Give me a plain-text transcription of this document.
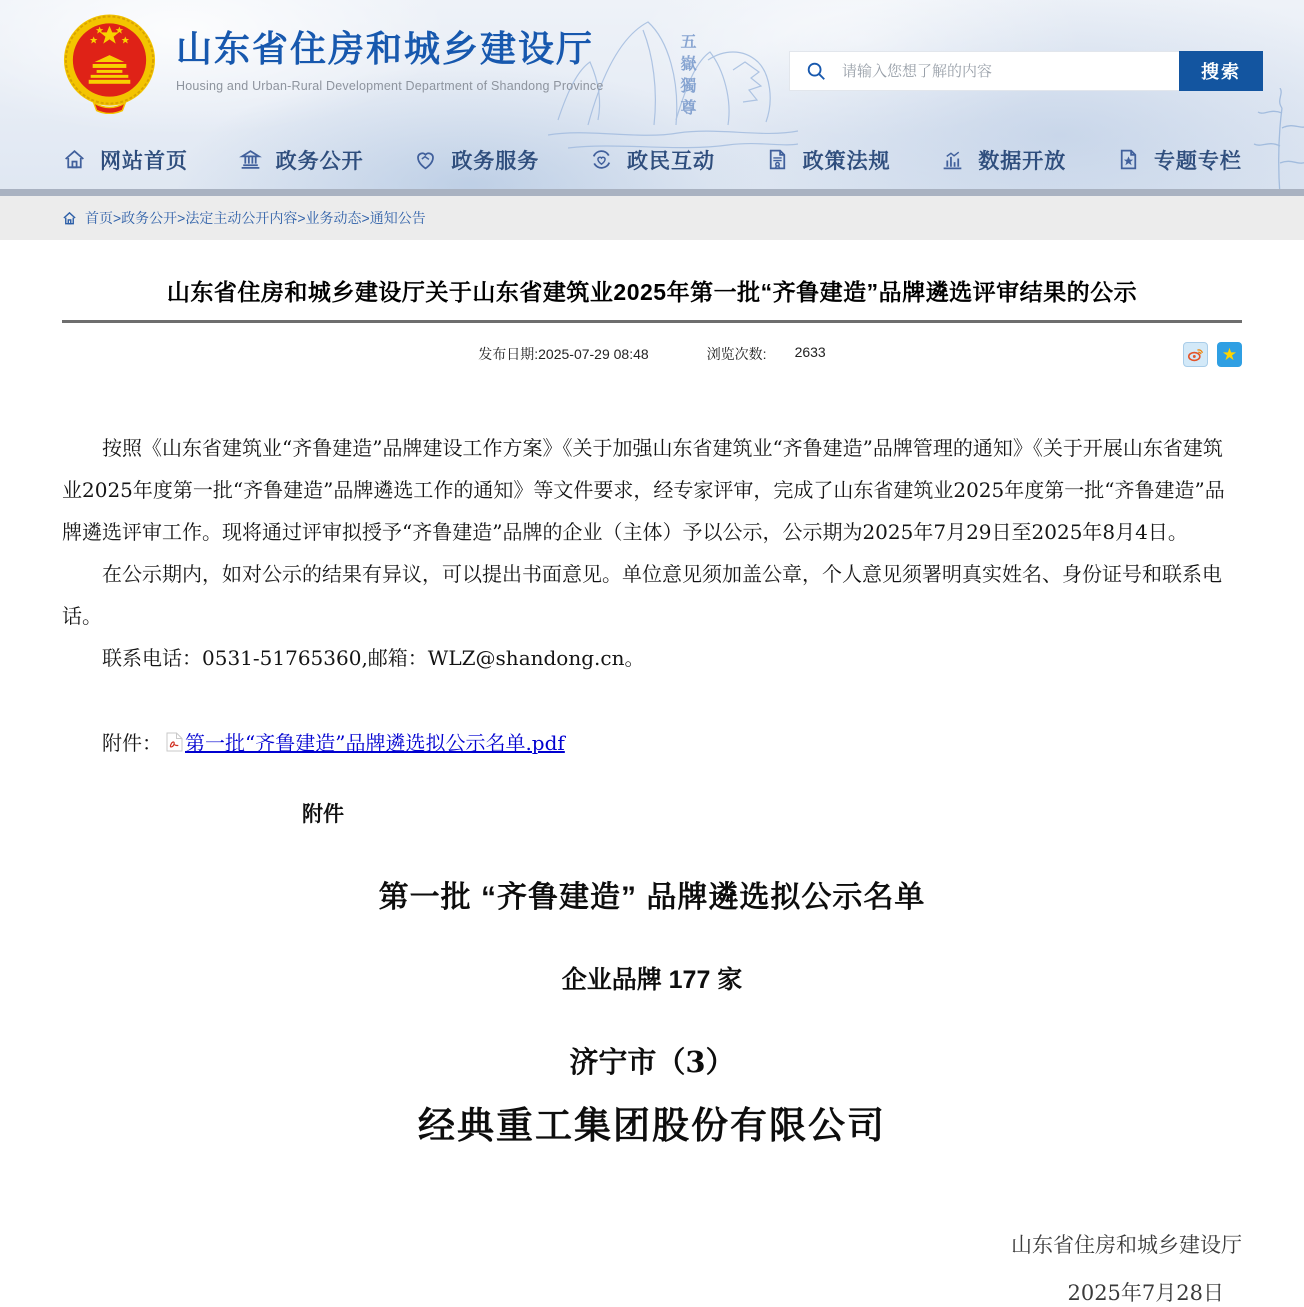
五嶽獨尊
山东省住房和城乡建设厅
Housing and Urban-Rural Development Department of Shandong Province
请输入您想了解的内容
搜索
网站首页	政务公开	政务服务	政民互动	政策法规	数据开放	专题专栏
首页>政务公开>法定主动公开内容>业务动态>通知公告
山东省住房和城乡建设厅关于山东省建筑业2025年第一批“齐鲁建造”品牌遴选评审结果的公示
发布日期:2025-07-29 08:48	浏览次数: 2633	★

按照《山东省建筑业“齐鲁建造”品牌建设工作方案》《关于加强山东省建筑业“齐鲁建造”品牌管理的通知》《关于开展山东省建筑业2025年度第一批“齐鲁建造”品牌遴选工作的通知》等文件要求，经专家评审，完成了山东省建筑业2025年度第一批“齐鲁建造”品牌遴选评审工作。现将通过评审拟授予“齐鲁建造”品牌的企业（主体）予以公示，公示期为2025年7月29日至2025年8月4日。

在公示期内，如对公示的结果有异议，可以提出书面意见。单位意见须加盖公章，个人意见须署明真实姓名、身份证号和联系电话。

联系电话：0531-51765360,邮箱：WLZ@shandong.cn。

附件： 第一批“齐鲁建造”品牌遴选拟公示名单.pdf
附件
第一批 “齐鲁建造” 品牌遴选拟公示名单
企业品牌 177 家
济宁市（3）
经典重工集团股份有限公司
山东省住房和城乡建设厅
2025年7月28日
